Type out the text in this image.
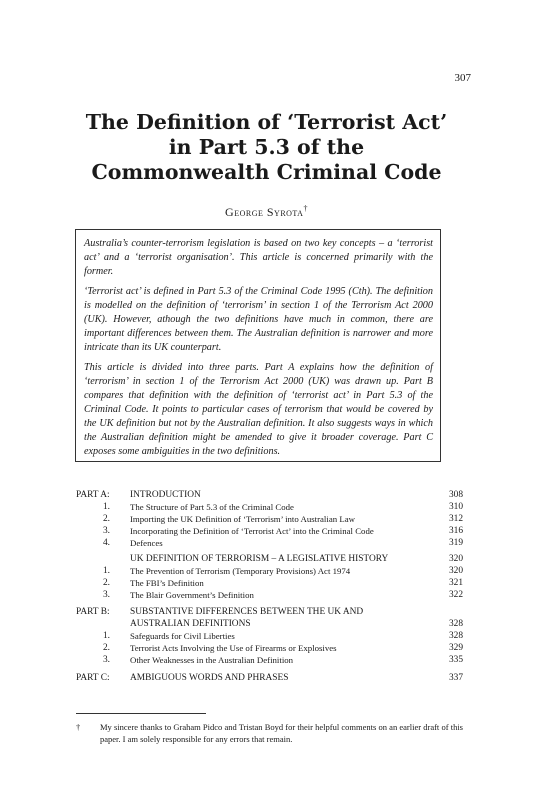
307
The Definition of ‘Terrorist Act’
in Part 5.3 of the
Commonwealth Criminal Code
George Syrota†

Australia’s counter-terrorism legislation is based on two key concepts – a ‘terrorist act’ and a ‘terrorist organisation’. This article is concerned primarily with the former.

‘Terrorist act’ is defined in Part 5.3 of the Criminal Code 1995 (Cth). The definition is modelled on the definition of ‘terrorism’ in section 1 of the Terrorism Act 2000 (UK). However, athough the two definitions have much in common, there are important differences between them. The Australian definition is narrower and more intricate than its UK counterpart.

This article is divided into three parts. Part A explains how the definition of ‘terrorism’ in section 1 of the Terrorism Act 2000 (UK) was drawn up. Part B compares that definition with the definition of ‘terrorist act’ in Part 5.3 of the Criminal Code. It points to particular cases of terrorism that would be covered by the UK definition but not by the Australian definition. It also suggests ways in which the Australian definition might be amended to give it broader coverage. Part C exposes some ambiguities in the two definitions.

PART A: INTRODUCTION	308
1. The Structure of Part 5.3 of the Criminal Code	310
2. Importing the UK Definition of ‘Terrorism’ into Australian Law	312
3. Incorporating the Definition of ‘Terrorist Act’ into the Criminal Code	316
4. Defences	319
UK DEFINITION OF TERRORISM – A LEGISLATIVE HISTORY	320
1. The Prevention of Terrorism (Temporary Provisions) Act 1974	320
2. The FBI’s Definition	321
3. The Blair Government’s Definition	322
PART B: SUBSTANTIVE DIFFERENCES BETWEEN THE UK AND
AUSTRALIAN DEFINITIONS	328
1. Safeguards for Civil Liberties	328
2. Terrorist Acts Involving the Use of Firearms or Explosives	329
3. Other Weaknesses in the Australian Definition	335
PART C: AMBIGUOUS WORDS AND PHRASES	337
† My sincere thanks to Graham Pidco and Tristan Boyd for their helpful comments on an earlier draft of this paper. I am solely responsible for any errors that remain.
